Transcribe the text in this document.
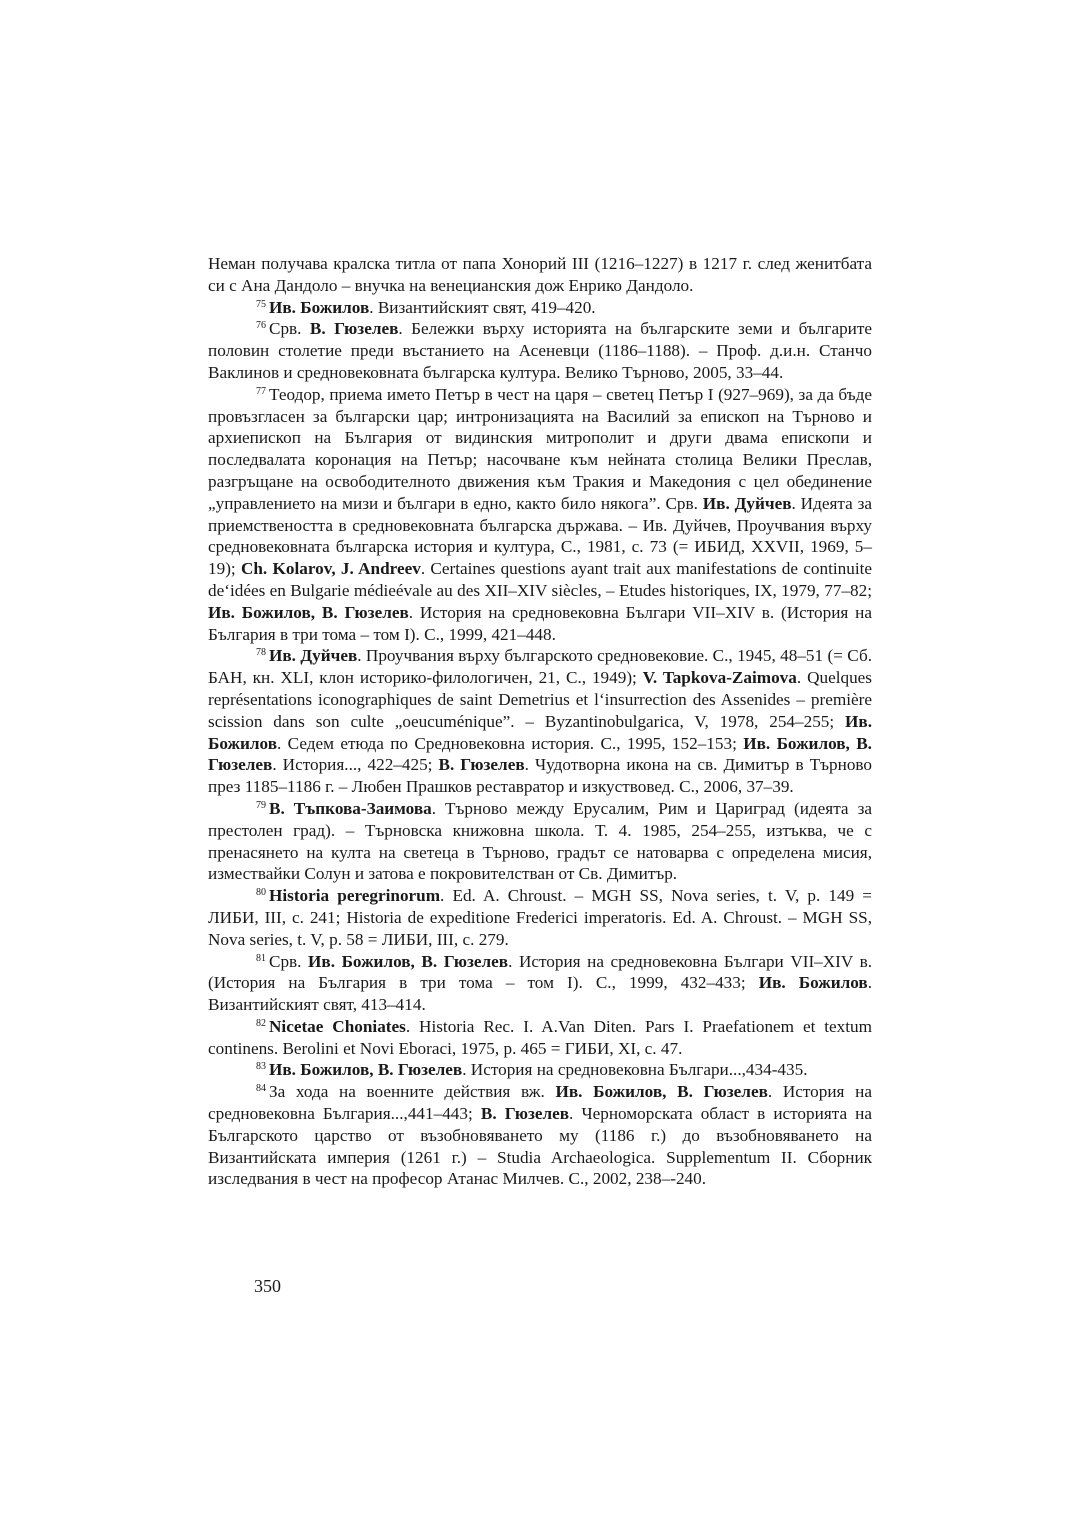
Неман получава кралска титла от папа Хонорий III (1216–1227) в 1217 г. след женитбата си с Ана Дандоло – внучка на венецианския дож Енрико Дандоло.

$^{75}$ Ив. Божилов. Византийският свят, 419–420.

$^{76}$ Срв. В. Гюзелев. Бележки върху историята на българските земи и българите половин столетие преди въстанието на Асеневци (1186–1188). – Проф. д.и.н. Станчо Ваклинов и средновековната българска култура. Велико Търново, 2005, 33–44.

$^{77}$ Теодор, приема името Петър в чест на царя – светец Петър I (927–969), за да бъде провъзгласен за български цар; интронизацията на Василий за епископ на Търново и архиепископ на България от видинския митрополит и други двама епископи и последвалата коронация на Петър; насочване към нейната столица Велики Преслав, разгръщане на освободителното движения към Тракия и Македония с цел обединение „управлението на мизи и българи в едно, както било някога”. Срв. Ив. Дуйчев. Идеята за приемствеността в средновековната българска държава. – Ив. Дуйчев, Проучвания върху средновековната българска история и култура, С., 1981, с. 73 (= ИБИД, XXVII, 1969, 5–19); Ch. Kolarov, J. Andreev. Certaines questions ayant trait aux manifestations de continuite de‘idées en Bulgarie médieévale au des XII–XIV siècles, – Etudes historiques, IX, 1979, 77–82; Ив. Божилов, В. Гюзелев. История на средновековна Българи VII–XIV в. (История на България в три тома – том I). С., 1999, 421–448.

$^{78}$ Ив. Дуйчев. Проучвания върху българското средновековие. С., 1945, 48–51 (= Сб. БАН, кн. XLI, клон историко-филологичен, 21, С., 1949); V. Tapkova-Zaimova. Quelques représentations iconographiques de saint Demetrius et l‘insurrection des Assenides – première scission dans son culte „oeucuménique”. – Byzantinobulgarica, V, 1978, 254–255; Ив. Божилов. Седем етюда по Средновековна история. С., 1995, 152–153; Ив. Божилов, В. Гюзелев. История..., 422–425; В. Гюзелев. Чудотворна икона на св. Димитър в Търново през 1185–1186 г. – Любен Прашков реставратор и изкуствовед. С., 2006, 37–39.

$^{79}$ В. Тъпкова-Заимова. Търново между Ерусалим, Рим и Цариград (идеята за престолен град). – Търновска книжовна школа. Т. 4. 1985, 254–255, изтъква, че с пренасянето на култа на светеца в Търново, градът се натоварва с определена мисия, измествайки Солун и затова е покровителстван от Св. Димитър.

$^{80}$ Historia peregrinorum. Ed. A. Chroust. – MGH SS, Nova series, t. V, p. 149 = ЛИБИ, III, с. 241; Historia de expeditione Frederici imperatoris. Ed. A. Chroust. – MGH SS, Nova series, t. V, p. 58 = ЛИБИ, III, с. 279.

$^{81}$ Срв. Ив. Божилов, В. Гюзелев. История на средновековна Българи VII–XIV в. (История на България в три тома – том I). С., 1999, 432–433; Ив. Божилов. Византийският свят, 413–414.

$^{82}$ Nicetae Choniates. Historia Rec. I. A.Van Diten. Pars I. Praefationem et textum continens. Berolini et Novi Eboraci, 1975, p. 465 = ГИБИ, XI, с. 47.

$^{83}$ Ив. Божилов, В. Гюзелев. История на средновековна Българи...,434-435.

$^{84}$ За хода на военните действия вж. Ив. Божилов, В. Гюзелев. История на средновековна България...,441–443; В. Гюзелев. Черноморската област в историята на Българското царство от възобновяването му (1186 г.) до възобновяването на Византийската империя (1261 г.) – Studia Archaeologica. Supplementum II. Сборник изследвания в чест на професор Атанас Милчев. С., 2002, 238–-240.

350
